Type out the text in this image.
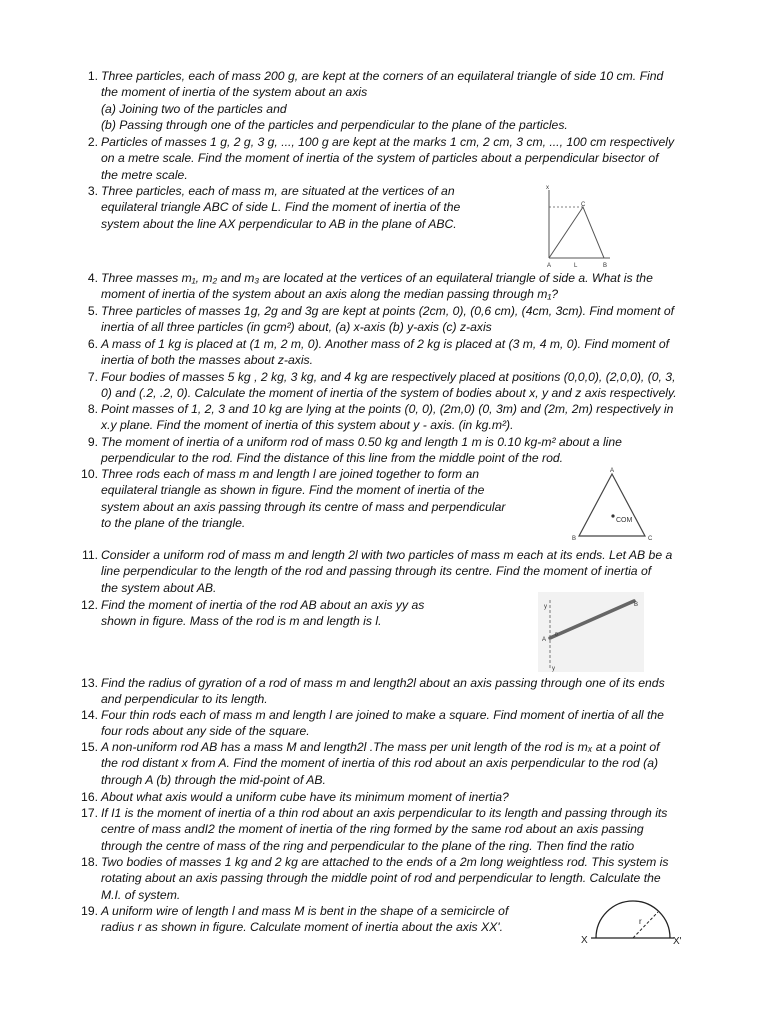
1. Three particles, each of mass 200 g, are kept at the corners of an equilateral triangle of side 10 cm. Find
the moment of inertia of the system about an axis
(a) Joining two of the particles and
(b) Passing through one of the particles and perpendicular to the plane of the particles.
2. Particles of masses 1 g, 2 g, 3 g, ..., 100 g are kept at the marks 1 cm, 2 cm, 3 cm, ..., 100 cm respectively
on a metre scale. Find the moment of inertia of the system of particles about a perpendicular bisector of
the metre scale.
3. Three particles, each of mass m, are situated at the vertices of an
equilateral triangle ABC of side L. Find the moment of inertia of the
system about the line AX perpendicular to AB in the plane of ABC.
x
C
A	L	B
4. Three masses m₁, m₂ and m₃ are located at the vertices of an equilateral triangle of side a. What is the
moment of inertia of the system about an axis along the median passing through m₁?
5. Three particles of masses 1g, 2g and 3g are kept at points (2cm, 0), (0,6 cm), (4cm, 3cm). Find moment of
inertia of all three particles (in gcm²) about, (a) x-axis (b) y-axis (c) z-axis
6. A mass of 1 kg is placed at (1 m, 2 m, 0). Another mass of 2 kg is placed at (3 m, 4 m, 0). Find moment of
inertia of both the masses about z-axis.
7. Four bodies of masses 5 kg , 2 kg, 3 kg, and 4 kg are respectively placed at positions (0,0,0), (2,0,0), (0, 3,
0) and (.2, .2, 0). Calculate the moment of inertia of the system of bodies about x, y and z axis respectively.
8. Point masses of 1, 2, 3 and 10 kg are lying at the points (0, 0), (2m,0) (0, 3m) and (2m, 2m) respectively in
x.y plane. Find the moment of inertia of this system about y - axis. (in kg.m²).
9. The moment of inertia of a uniform rod of mass 0.50 kg and length 1 m is 0.10 kg-m² about a line
perpendicular to the rod. Find the distance of this line from the middle point of the rod.
10. Three rods each of mass m and length l are joined together to form an
equilateral triangle as shown in figure. Find the moment of inertia of the
system about an axis passing through its centre of mass and perpendicular
to the plane of the triangle.
A
B	C
COM
11. Consider a uniform rod of mass m and length 2l with two particles of mass m each at its ends. Let AB be a
line perpendicular to the length of the rod and passing through its centre. Find the moment of inertia of
the system about AB.
12. Find the moment of inertia of the rod AB about an axis yy as
shown in figure. Mass of the rod is m and length is l.
y	B
A
θ
y
13. Find the radius of gyration of a rod of mass m and length2l about an axis passing through one of its ends
and perpendicular to its length.
14. Four thin rods each of mass m and length l are joined to make a square. Find moment of inertia of all the
four rods about any side of the square.
15. A non-uniform rod AB has a mass M and length2l .The mass per unit length of the rod is mₓ at a point of
the rod distant x from A. Find the moment of inertia of this rod about an axis perpendicular to the rod (a)
through A (b) through the mid-point of AB.
16. About what axis would a uniform cube have its minimum moment of inertia?
17. If I1 is the moment of inertia of a thin rod about an axis perpendicular to its length and passing through its
centre of mass andI2 the moment of inertia of the ring formed by the same rod about an axis passing
through the centre of mass of the ring and perpendicular to the plane of the ring. Then find the ratio
18. Two bodies of masses 1 kg and 2 kg are attached to the ends of a 2m long weightless rod. This system is
rotating about an axis passing through the middle point of rod and perpendicular to length. Calculate the
M.I. of system.
19. A uniform wire of length l and mass M is bent in the shape of a semicircle of
radius r as shown in figure. Calculate moment of inertia about the axis XX'.
X
r
X'
